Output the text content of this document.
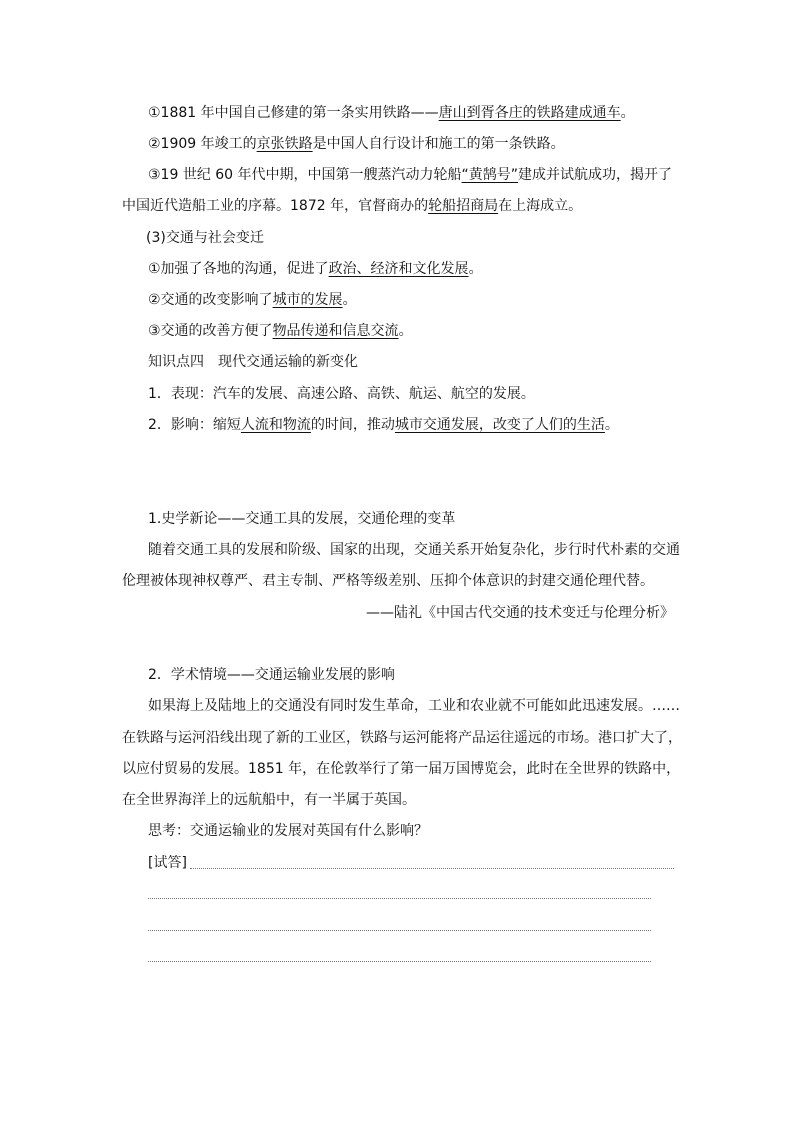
①1881 年中国自己修建的第一条实用铁路——唐山到胥各庄的铁路建成通车。
②1909 年竣工的京张铁路是中国人自行设计和施工的第一条铁路。
③19 世纪 60 年代中期，中国第一艘蒸汽动力轮船“黄鹄号”建成并试航成功，揭开了
中国近代造船工业的序幕。1872 年，官督商办的轮船招商局在上海成立。
(3)交通与社会变迁
①加强了各地的沟通，促进了政治、经济和文化发展。
②交通的改变影响了城市的发展。
③交通的改善方便了物品传递和信息交流。
知识点四　现代交通运输的新变化
1．表现：汽车的发展、高速公路、高铁、航运、航空的发展。
2．影响：缩短人流和物流的时间，推动城市交通发展，改变了人们的生活。
1.史学新论——交通工具的发展，交通伦理的变革
随着交通工具的发展和阶级、国家的出现，交通关系开始复杂化，步行时代朴素的交通
伦理被体现神权尊严、君主专制、严格等级差别、压抑个体意识的封建交通伦理代替。
——陆礼《中国古代交通的技术变迁与伦理分析》
2．学术情境——交通运输业发展的影响
如果海上及陆地上的交通没有同时发生革命，工业和农业就不可能如此迅速发展。……
在铁路与运河沿线出现了新的工业区，铁路与运河能将产品运往遥远的市场。港口扩大了，
以应付贸易的发展。1851 年，在伦敦举行了第一届万国博览会，此时在全世界的铁路中，
在全世界海洋上的远航船中，有一半属于英国。
思考：交通运输业的发展对英国有什么影响？
[试答]
